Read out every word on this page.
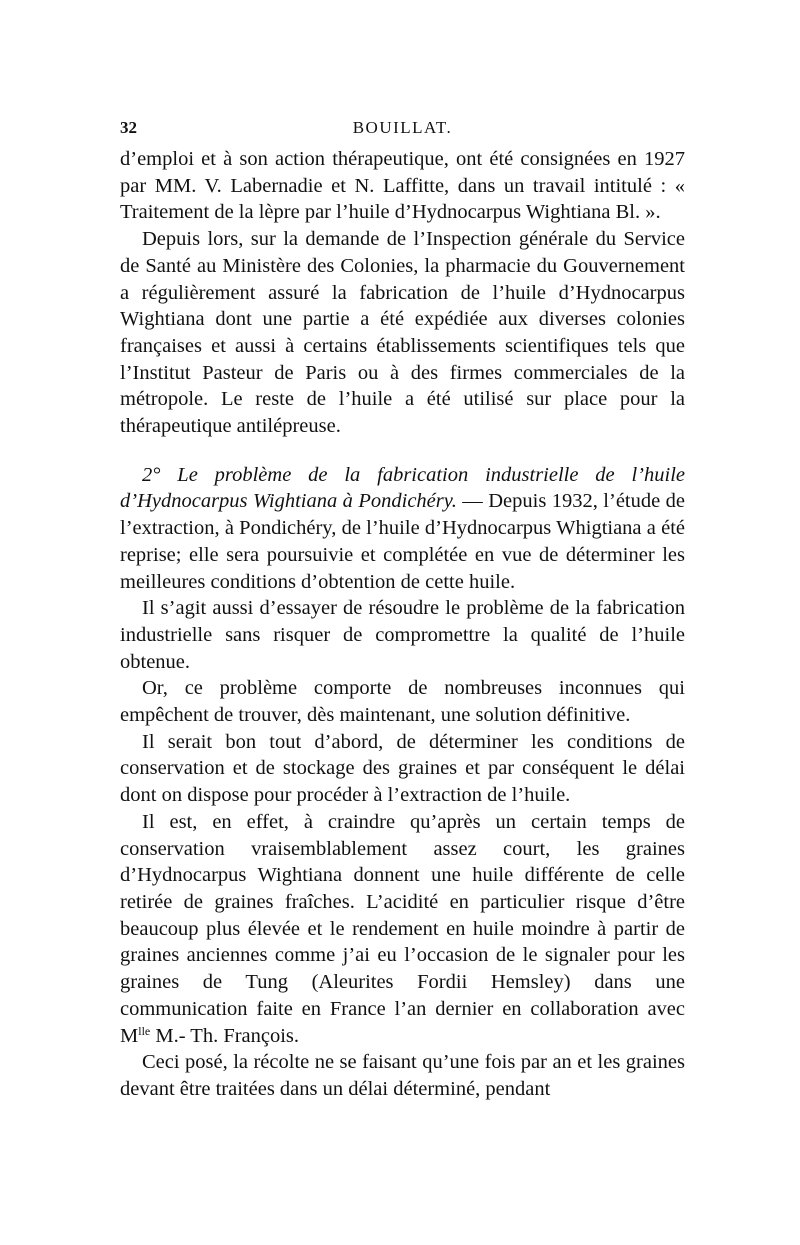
32	BOUILLAT.

d’emploi et à son action thérapeutique, ont été consignées en 1927 par MM. V. Labernadie et N. Laffitte, dans un travail intitulé : « Traitement de la lèpre par l’huile d’Hydnocarpus Wightiana Bl. ».

Depuis lors, sur la demande de l’Inspection générale du Service de Santé au Ministère des Colonies, la pharmacie du Gouvernement a régulièrement assuré la fabrication de l’huile d’Hydnocarpus Wightiana dont une partie a été expédiée aux diverses colonies françaises et aussi à certains établissements scientifiques tels que l’Institut Pasteur de Paris ou à des firmes commerciales de la métropole. Le reste de l’huile a été utilisé sur place pour la thérapeutique antilépreuse.

2° Le problème de la fabrication industrielle de l’huile d’Hydnocarpus Wightiana à Pondichéry. — Depuis 1932, l’étude de l’extraction, à Pondichéry, de l’huile d’Hydnocarpus Whigtiana a été reprise; elle sera poursuivie et complétée en vue de déterminer les meilleures conditions d’obtention de cette huile.

Il s’agit aussi d’essayer de résoudre le problème de la fabrication industrielle sans risquer de compromettre la qualité de l’huile obtenue.

Or, ce problème comporte de nombreuses inconnues qui empêchent de trouver, dès maintenant, une solution définitive.

Il serait bon tout d’abord, de déterminer les conditions de conservation et de stockage des graines et par conséquent le délai dont on dispose pour procéder à l’extraction de l’huile.

Il est, en effet, à craindre qu’après un certain temps de conservation vraisemblablement assez court, les graines d’Hydnocarpus Wightiana donnent une huile différente de celle retirée de graines fraîches. L’acidité en particulier risque d’être beaucoup plus élevée et le rendement en huile moindre à partir de graines anciennes comme j’ai eu l’occasion de le signaler pour les graines de Tung (Aleurites Fordii Hemsley) dans une communication faite en France l’an dernier en collaboration avec $M^{lle}$ M.- Th. François.

Ceci posé, la récolte ne se faisant qu’une fois par an et les graines devant être traitées dans un délai déterminé, pendant
